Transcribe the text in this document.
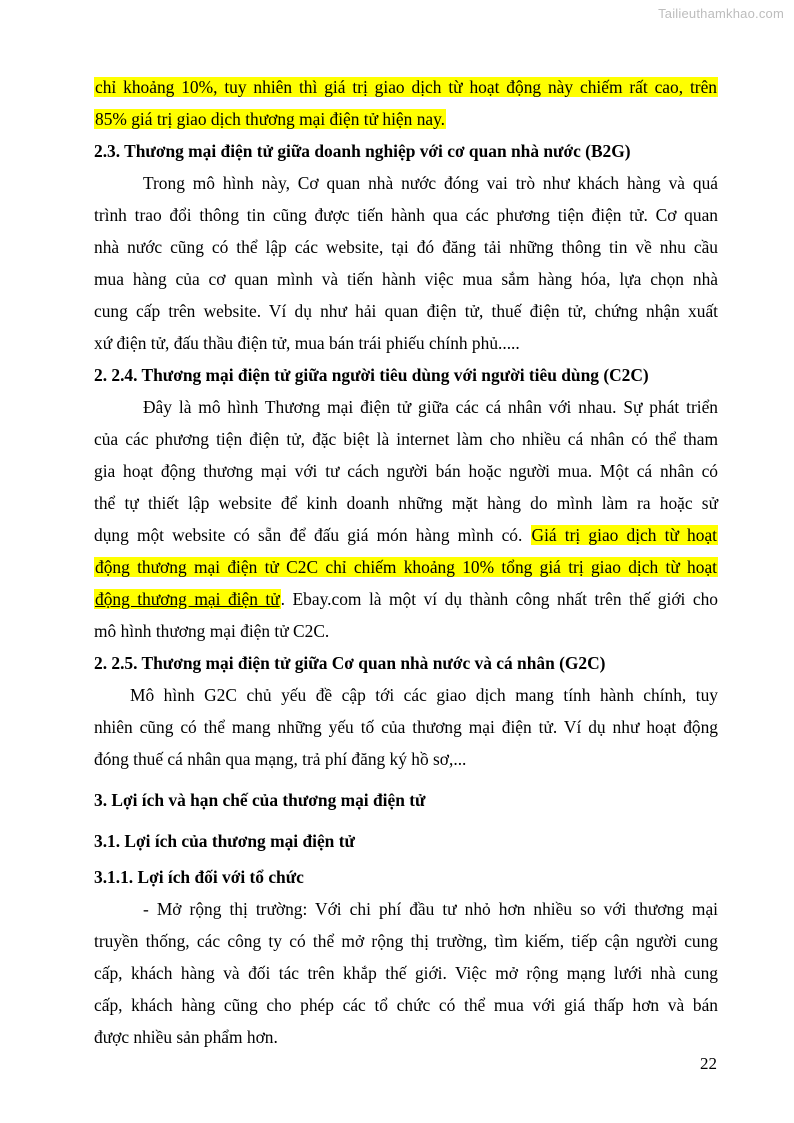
Tailieuthamkhao.com
chỉ khoảng 10%, tuy nhiên thì giá trị giao dịch từ hoạt động này chiếm rất cao, trên
85% giá trị giao dịch thương mại điện tử hiện nay.
2.3. Thương mại điện tử giữa doanh nghiệp với cơ quan nhà nước (B2G)
Trong mô hình này, Cơ quan nhà nước đóng vai trò như khách hàng và quá
trình trao đổi thông tin cũng được tiến hành qua các phương tiện điện tử. Cơ quan
nhà nước cũng có thể lập các website, tại đó đăng tải những thông tin về nhu cầu
mua hàng của cơ quan mình và tiến hành việc mua sắm hàng hóa, lựa chọn nhà
cung cấp trên website. Ví dụ như hải quan điện tử, thuế điện tử, chứng nhận xuất
xứ điện tử, đấu thầu điện tử, mua bán trái phiếu chính phủ.....
2. 2.4. Thương mại điện tử giữa người tiêu dùng với người tiêu dùng (C2C)
Đây là mô hình Thương mại điện tử giữa các cá nhân với nhau. Sự phát triển
của các phương tiện điện tử, đặc biệt là internet làm cho nhiều cá nhân có thể tham
gia hoạt động thương mại với tư cách người bán hoặc người mua. Một cá nhân có
thể tự thiết lập website để kinh doanh những mặt hàng do mình làm ra hoặc sử
dụng một website có sẵn để đấu giá món hàng mình có. Giá trị giao dịch từ hoạt
động thương mại điện tử C2C chỉ chiếm khoảng 10% tổng giá trị giao dịch từ hoạt
động thương mại điện tử. Ebay.com là một ví dụ thành công nhất trên thế giới cho
mô hình thương mại điện tử C2C.
2. 2.5. Thương mại điện tử giữa Cơ quan nhà nước và cá nhân (G2C)
Mô hình G2C chủ yếu đề cập tới các giao dịch mang tính hành chính, tuy
nhiên cũng có thể mang những yếu tố của thương mại điện tử. Ví dụ như hoạt động
đóng thuế cá nhân qua mạng, trả phí đăng ký hồ sơ,...
3. Lợi ích và hạn chế của thương mại điện tử
3.1. Lợi ích của thương mại điện tử
3.1.1. Lợi ích đối với tổ chức
- Mở rộng thị trường: Với chi phí đầu tư nhỏ hơn nhiều so với thương mại
truyền thống, các công ty có thể mở rộng thị trường, tìm kiếm, tiếp cận người cung
cấp, khách hàng và đối tác trên khắp thế giới. Việc mở rộng mạng lưới nhà cung
cấp, khách hàng cũng cho phép các tổ chức có thể mua với giá thấp hơn và bán
được nhiều sản phẩm hơn.
22
